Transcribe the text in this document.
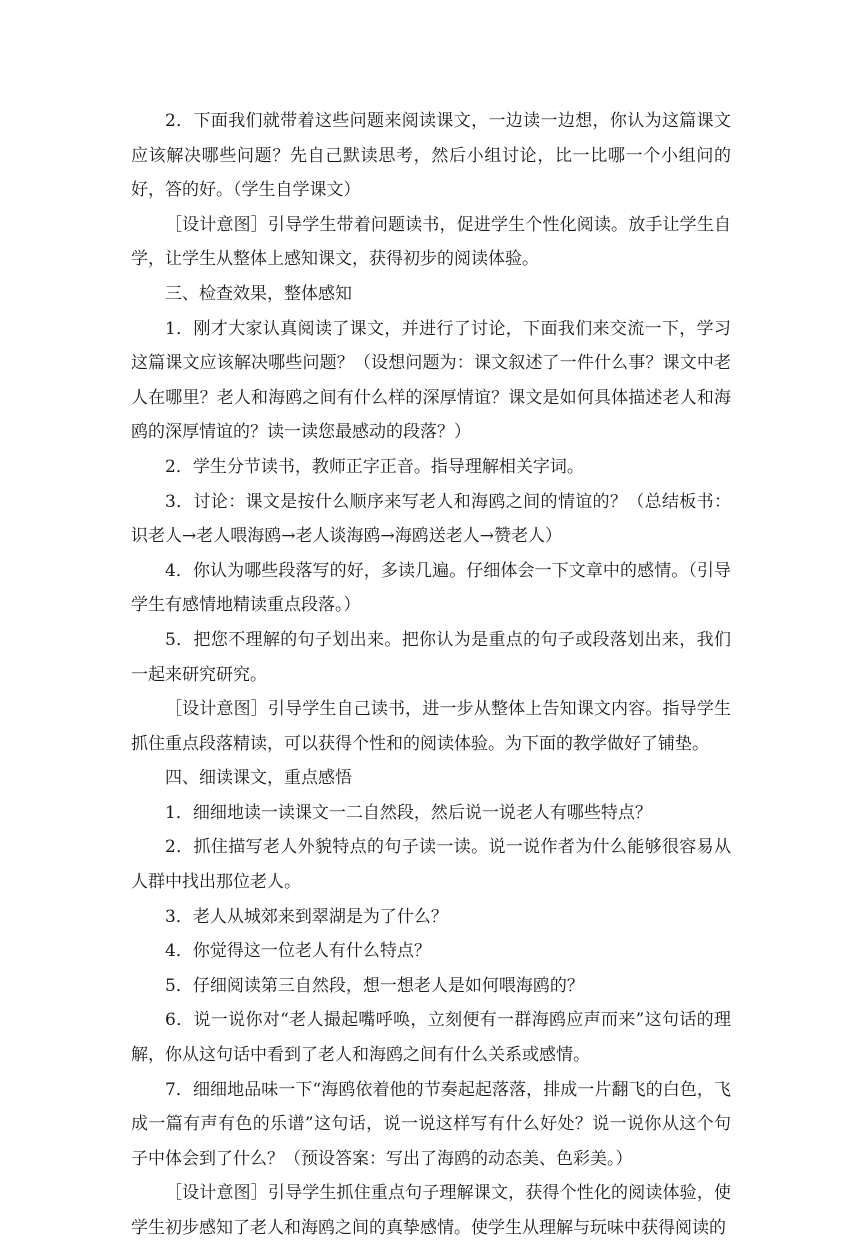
2．下面我们就带着这些问题来阅读课文，一边读一边想，你认为这篇课文应该解决哪些问题？先自己默读思考，然后小组讨论，比一比哪一个小组问的好，答的好。（学生自学课文）

［设计意图］引导学生带着问题读书，促进学生个性化阅读。放手让学生自学，让学生从整体上感知课文，获得初步的阅读体验。

三、检查效果，整体感知

1．刚才大家认真阅读了课文，并进行了讨论，下面我们来交流一下，学习这篇课文应该解决哪些问题？（设想问题为：课文叙述了一件什么事？课文中老人在哪里？老人和海鸥之间有什么样的深厚情谊？课文是如何具体描述老人和海鸥的深厚情谊的？读一读您最感动的段落？）

2．学生分节读书，教师正字正音。指导理解相关字词。

3．讨论：课文是按什么顺序来写老人和海鸥之间的情谊的？（总结板书：识老人→老人喂海鸥→老人谈海鸥→海鸥送老人→赞老人）

4．你认为哪些段落写的好，多读几遍。仔细体会一下文章中的感情。（引导学生有感情地精读重点段落。）

5．把您不理解的句子划出来。把你认为是重点的句子或段落划出来，我们一起来研究研究。

［设计意图］引导学生自己读书，进一步从整体上告知课文内容。指导学生抓住重点段落精读，可以获得个性和的阅读体验。为下面的教学做好了铺垫。

四、细读课文，重点感悟

1．细细地读一读课文一二自然段，然后说一说老人有哪些特点？

2．抓住描写老人外貌特点的句子读一读。说一说作者为什么能够很容易从人群中找出那位老人。

3．老人从城郊来到翠湖是为了什么？

4．你觉得这一位老人有什么特点？

5．仔细阅读第三自然段，想一想老人是如何喂海鸥的？

6．说一说你对“老人撮起嘴呼唤，立刻便有一群海鸥应声而来”这句话的理解，你从这句话中看到了老人和海鸥之间有什么关系或感情。

7．细细地品味一下“海鸥依着他的节奏起起落落，排成一片翻飞的白色，飞成一篇有声有色的乐谱”这句话，说一说这样写有什么好处？说一说你从这个句子中体会到了什么？（预设答案：写出了海鸥的动态美、色彩美。）

［设计意图］引导学生抓住重点句子理解课文，获得个性化的阅读体验，使学生初步感知了老人和海鸥之间的真挚感情。使学生从理解与玩味中获得阅读的
